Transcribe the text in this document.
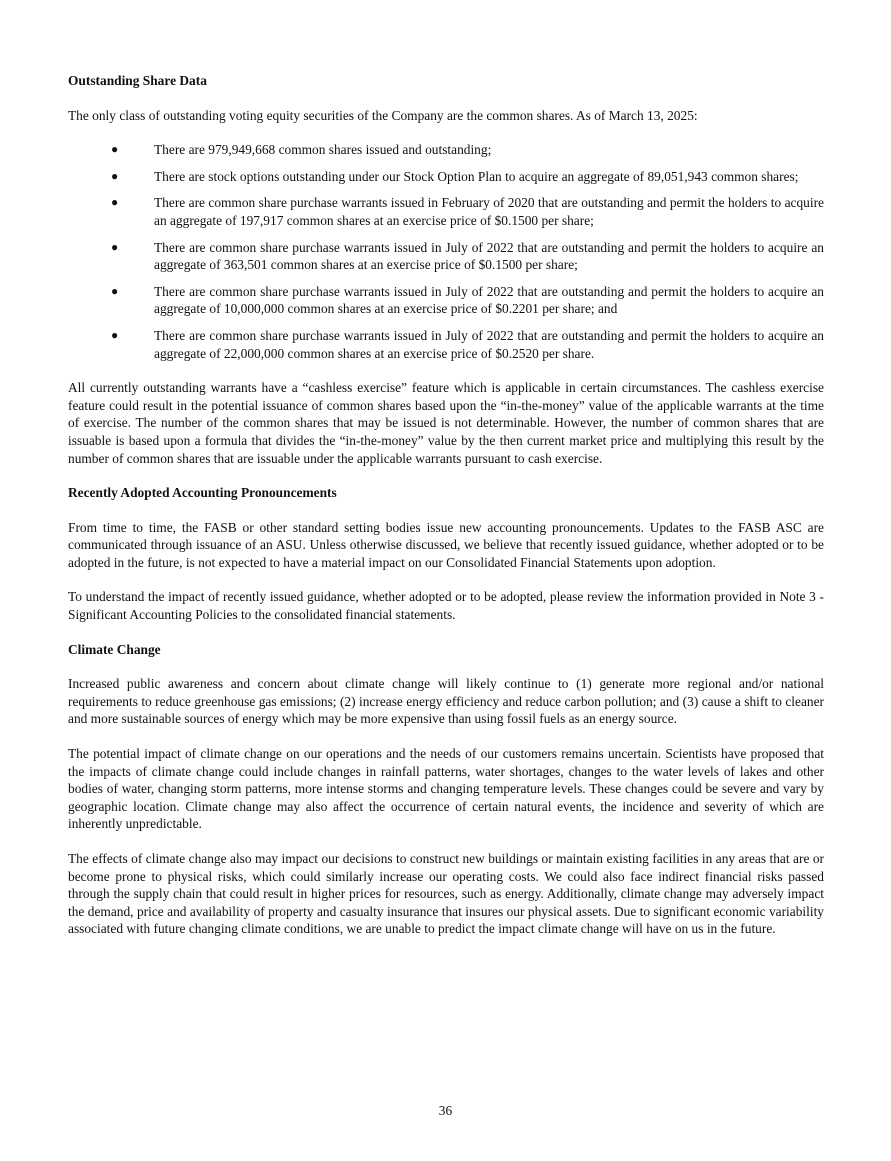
Outstanding Share Data

The only class of outstanding voting equity securities of the Company are the common shares. As of March 13, 2025:

●	There are 979,949,668 common shares issued and outstanding;
●	There are stock options outstanding under our Stock Option Plan to acquire an aggregate of 89,051,943 common shares;
●	There are common share purchase warrants issued in February of 2020 that are outstanding and permit the holders to acquire an aggregate of 197,917 common shares at an exercise price of $0.1500 per share;
●	There are common share purchase warrants issued in July of 2022 that are outstanding and permit the holders to acquire an aggregate of 363,501 common shares at an exercise price of $0.1500 per share;
●	There are common share purchase warrants issued in July of 2022 that are outstanding and permit the holders to acquire an aggregate of 10,000,000 common shares at an exercise price of $0.2201 per share; and
●	There are common share purchase warrants issued in July of 2022 that are outstanding and permit the holders to acquire an aggregate of 22,000,000 common shares at an exercise price of $0.2520 per share.

All currently outstanding warrants have a “cashless exercise” feature which is applicable in certain circumstances. The cashless exercise feature could result in the potential issuance of common shares based upon the “in-the-money” value of the applicable warrants at the time of exercise. The number of the common shares that may be issued is not determinable. However, the number of common shares that are issuable is based upon a formula that divides the “in-the-money” value by the then current market price and multiplying this result by the number of common shares that are issuable under the applicable warrants pursuant to cash exercise.

Recently Adopted Accounting Pronouncements

From time to time, the FASB or other standard setting bodies issue new accounting pronouncements. Updates to the FASB ASC are communicated through issuance of an ASU. Unless otherwise discussed, we believe that recently issued guidance, whether adopted or to be adopted in the future, is not expected to have a material impact on our Consolidated Financial Statements upon adoption.

To understand the impact of recently issued guidance, whether adopted or to be adopted, please review the information provided in Note 3 - Significant Accounting Policies to the consolidated financial statements.

Climate Change

Increased public awareness and concern about climate change will likely continue to (1) generate more regional and/or national requirements to reduce greenhouse gas emissions; (2) increase energy efficiency and reduce carbon pollution; and (3) cause a shift to cleaner and more sustainable sources of energy which may be more expensive than using fossil fuels as an energy source.

The potential impact of climate change on our operations and the needs of our customers remains uncertain. Scientists have proposed that the impacts of climate change could include changes in rainfall patterns, water shortages, changes to the water levels of lakes and other bodies of water, changing storm patterns, more intense storms and changing temperature levels. These changes could be severe and vary by geographic location. Climate change may also affect the occurrence of certain natural events, the incidence and severity of which are inherently unpredictable.

The effects of climate change also may impact our decisions to construct new buildings or maintain existing facilities in any areas that are or become prone to physical risks, which could similarly increase our operating costs. We could also face indirect financial risks passed through the supply chain that could result in higher prices for resources, such as energy. Additionally, climate change may adversely impact the demand, price and availability of property and casualty insurance that insures our physical assets. Due to significant economic variability associated with future changing climate conditions, we are unable to predict the impact climate change will have on us in the future.

36
